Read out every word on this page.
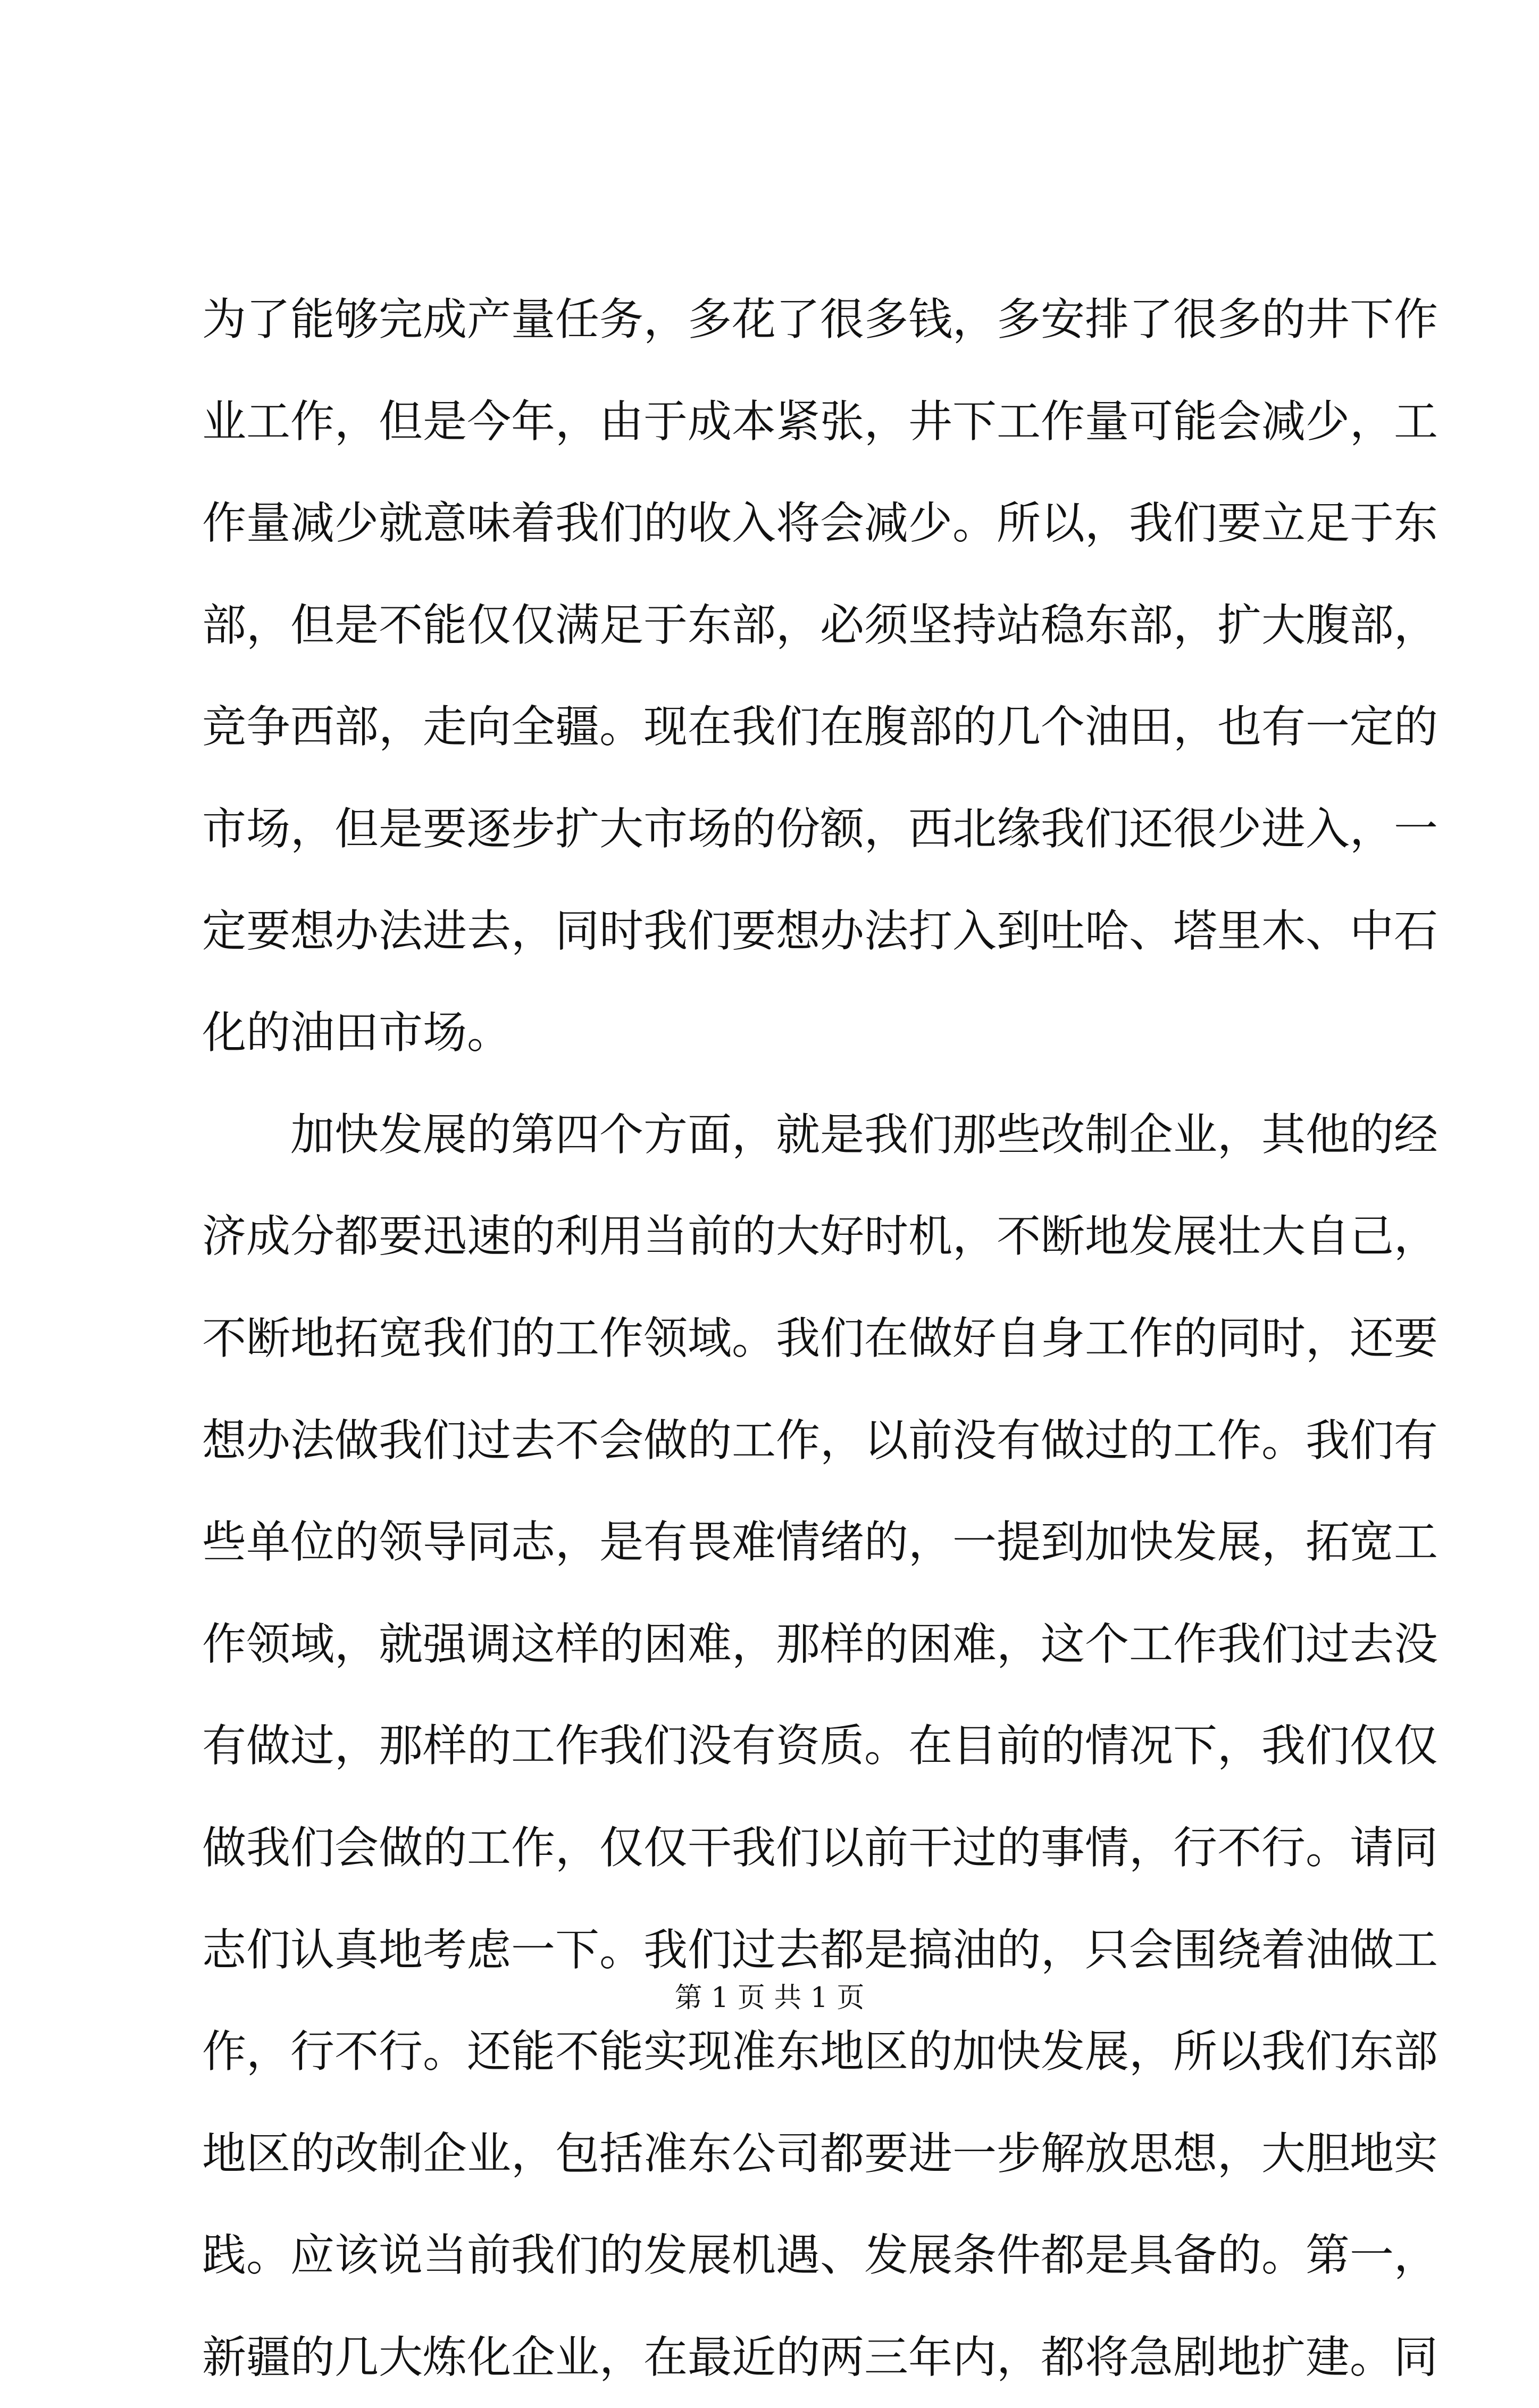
为了能够完成产量任务，多花了很多钱，多安排了很多的井下作
业工作，但是今年，由于成本紧张，井下工作量可能会减少，工
作量减少就意味着我们的收入将会减少。所以，我们要立足于东
部，但是不能仅仅满足于东部，必须坚持站稳东部，扩大腹部，
竞争西部，走向全疆。现在我们在腹部的几个油田，也有一定的
市场，但是要逐步扩大市场的份额，西北缘我们还很少进入，一
定要想办法进去，同时我们要想办法打入到吐哈、塔里木、中石
化的油田市场。
加快发展的第四个方面，就是我们那些改制企业，其他的经
济成分都要迅速的利用当前的大好时机，不断地发展壮大自己，
不断地拓宽我们的工作领域。我们在做好自身工作的同时，还要
想办法做我们过去不会做的工作，以前没有做过的工作。我们有
些单位的领导同志，是有畏难情绪的，一提到加快发展，拓宽工
作领域，就强调这样的困难，那样的困难，这个工作我们过去没
有做过，那样的工作我们没有资质。在目前的情况下，我们仅仅
做我们会做的工作，仅仅干我们以前干过的事情，行不行。请同
志们认真地考虑一下。我们过去都是搞油的，只会围绕着油做工
作，行不行。还能不能实现准东地区的加快发展，所以我们东部
地区的改制企业，包括准东公司都要进一步解放思想，大胆地实
践。应该说当前我们的发展机遇、发展条件都是具备的。第一，
新疆的几大炼化企业，在最近的两三年内，都将急剧地扩建。同
第 1 页 共 1 页
